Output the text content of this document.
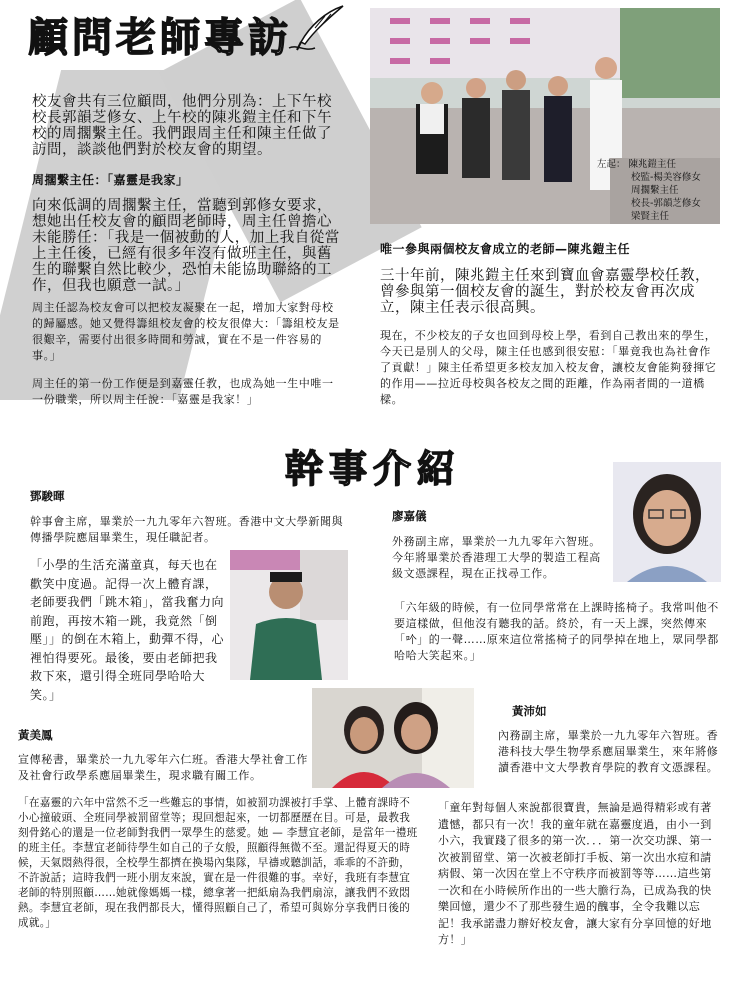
顧問老師專訪

校友會共有三位顧問，他們分別為：上下午校校長郭韻芝修女、上午校的陳兆鎧主任和下午校的周擱繫主任。我們跟周主任和陳主任做了訪問，談談他們對於校友會的期望。

周擱繫主任：「嘉靈是我家」

向來低調的周擱繫主任，當聽到郭修女要求，想她出任校友會的顧問老師時，周主任曾擔心未能勝任：「我是一個被動的人，加上我自從當上主任後，已經有很多年沒有做班主任，與舊生的聯繫自然比較少，恐怕未能協助聯絡的工作，但我也願意一試。」

周主任認為校友會可以把校友凝聚在一起，增加大家對母校的歸屬感。她又覺得籌組校友會的校友很偉大：「籌組校友是很艱辛，需要付出很多時間和勞誠，實在不是一件容易的事。」

周主任的第一份工作便是到嘉靈任教，也成為她一生中唯一一份職業，所以周主任說：「嘉靈是我家！」

左起： 陳兆鎧主任
校監-楊美容修女
周擱繫主任
校長-郭韻芝修女
梁賢主任

唯一參與兩個校友會成立的老師—陳兆鎧主任

三十年前，陳兆鎧主任來到寶血會嘉靈學校任教，曾參與第一個校友會的誕生，對於校友會再次成立，陳主任表示很高興。

現在，不少校友的子女也回到母校上學，看到自己教出來的學生，今天已是別人的父母，陳主任也感到很安慰：「畢竟我也為社會作了貢獻！」陳主任希望更多校友加入校友會，讓校友會能夠發揮它的作用——拉近母校與各校友之間的距離，作為兩者間的一道橋樑。

幹事介紹

鄧駿暉

幹事會主席，畢業於一九九零年六智班。香港中文大學新聞與傳播學院應屆畢業生，現任職記者。

「小學的生活充滿童真，每天也在歡笑中度過。記得一次上體育課，老師要我們「跳木箱」，當我奮力向前跑，再按木箱一跳，我竟然「倒壓」」的倒在木箱上，動彈不得，心裡怕得要死。最後，要由老師把我救下來，還引得全班同學哈哈大笑。」

廖嘉儀

外務副主席，畢業於一九九零年六智班。今年將畢業於香港理工大學的製造工程高級文憑課程，現在正找尋工作。

「六年級的時候，有一位同學常常在上課時搖椅子。我常叫他不要這樣做，但他沒有聽我的話。終於，有一天上課，突然傳來「𠮶」的一聲……原來這位常搖椅子的同學掉在地上，眾同學都哈哈大笑起來。」

黃美鳳

宣傳秘書，畢業於一九九零年六仁班。香港大學社會工作及社會行政學系應屆畢業生，現求職有關工作。

「在嘉靈的六年中當然不乏一些難忘的事情，如被罰功課被打手掌、上體育課時不小心撞破頭、全班同學被罰留堂等；現回想起來，一切都歷歷在目。可是，最教我刻骨銘心的還是一位老師對我們一眾學生的慈愛。她 — 李慧宜老師，是當年一禮班的班主任。李慧宜老師待學生如自己的子女般，照顧得無微不至。還記得夏天的時候，天氣悶熱得很，全校學生都擠在換場內集隊，早禱或聽訓話，乖乖的不許動，不許說話；這時我們一班小朋友來說，實在是一件很難的事。幸好，我班有李慧宜老師的特別照顧……她就像媽媽一樣，總拿著一把紙扇為我們扇涼，讓我們不致悶熱。李慧宜老師，現在我們都長大，懂得照顧自己了，希望可與妳分享我們日後的成就。」

黃沛如

內務副主席，畢業於一九九零年六智班。香港科技大學生物學系應屆畢業生，來年將修讀香港中文大學教育學院的教育文憑課程。

「童年對每個人來說都很寶貴，無論是過得精彩或有著遺憾，都只有一次！我的童年就在嘉靈度過，由小一到小六，我實踐了很多的第一次．．．第一次交功課、第一次被罰留堂、第一次被老師打手板、第一次出水痘和請病假、第一次因在堂上不守秩序而被罰等等……這些第一次和在小時候所作出的一些大膽行為，已成為我的快樂回憶，還少不了那些發生過的醜事，全令我難以忘記！我承諾盡力辦好校友會，讓大家有分享回憶的好地方！」
